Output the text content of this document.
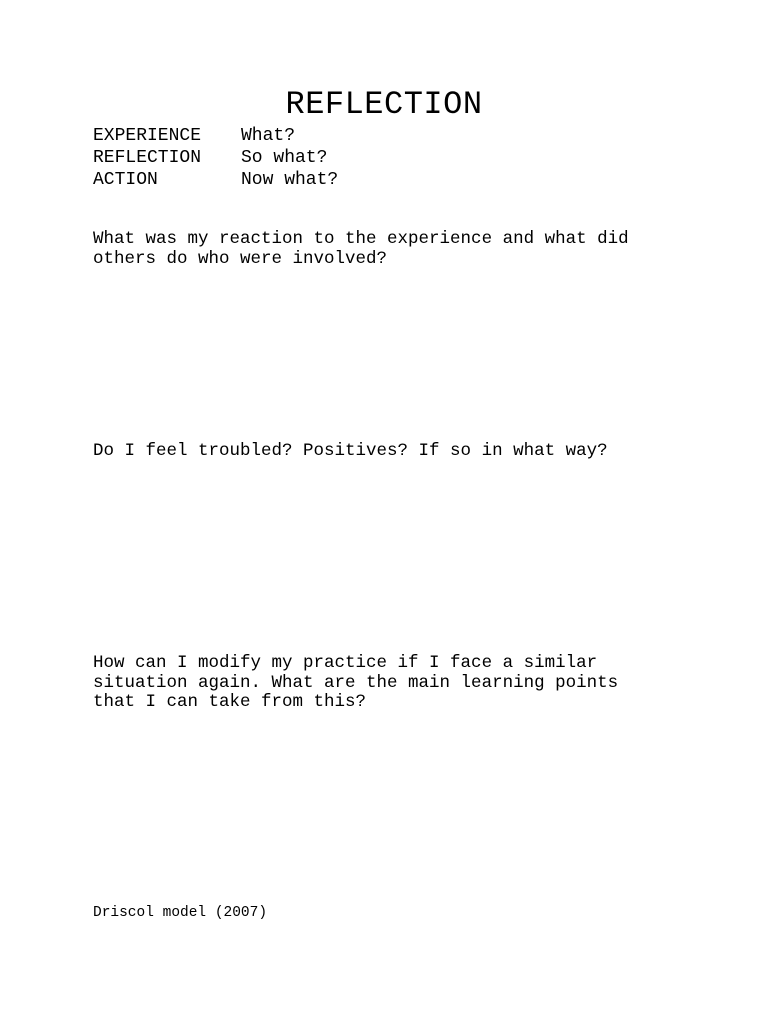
REFLECTION
EXPERIENCE	What?
REFLECTION	So what?
ACTION	Now what?
What was my reaction to the experience and what did
others do who were involved?
Do I feel troubled? Positives? If so in what way?
How can I modify my practice if I face a similar
situation again. What are the main learning points
that I can take from this?
Driscol model (2007)
